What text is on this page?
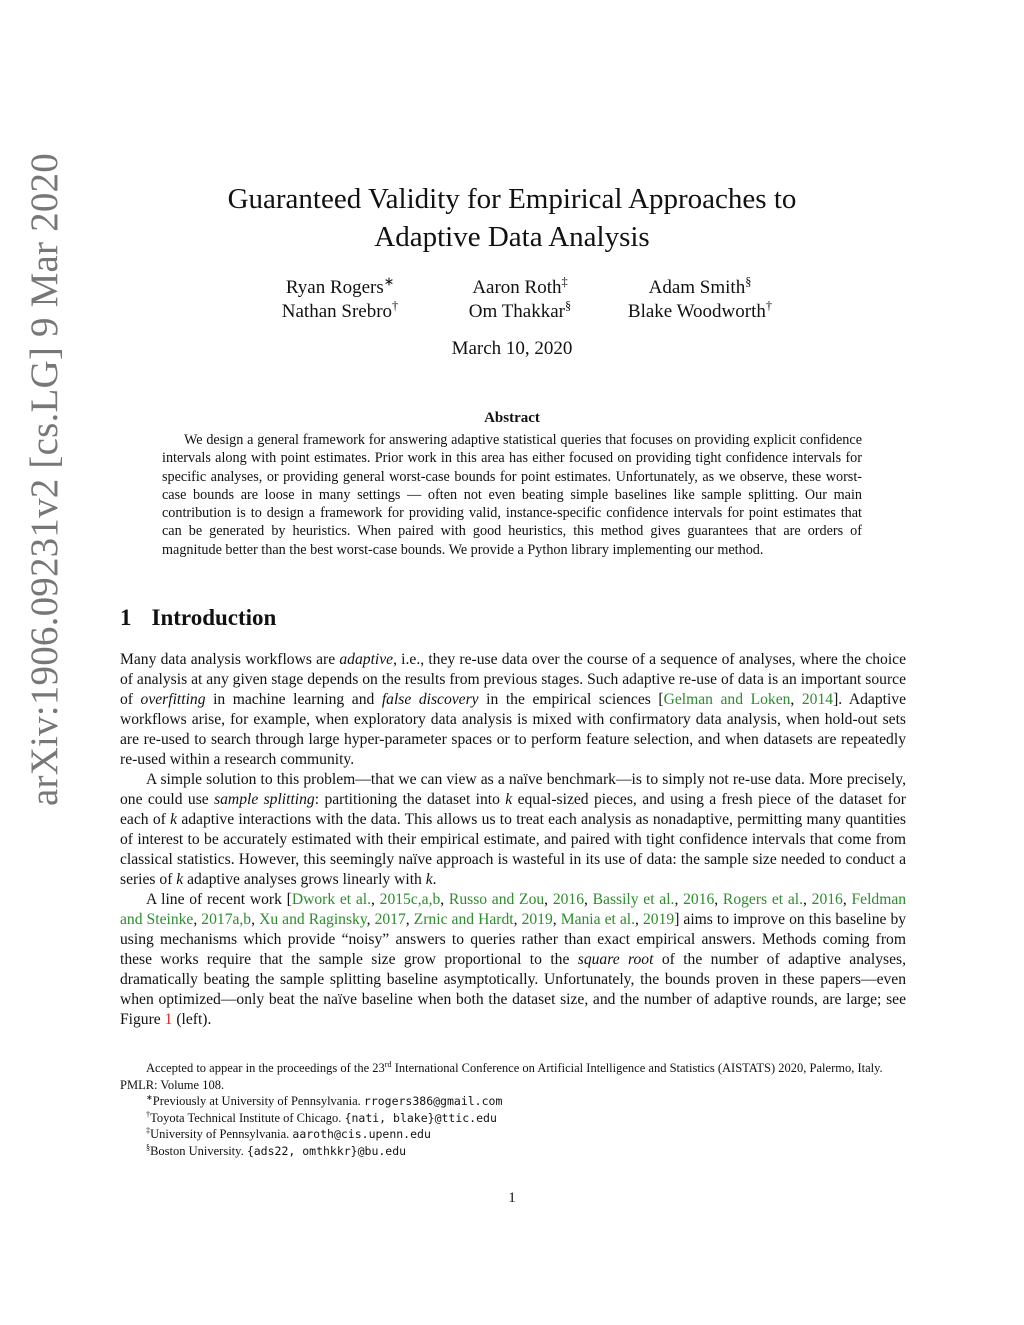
arXiv:1906.09231v2 [cs.LG] 9 Mar 2020	Guaranteed Validity for Empirical Approaches to
Adaptive Data Analysis
Ryan Rogers∗	Aaron Roth‡	Adam Smith§
Nathan Srebro†	Om Thakkar§	Blake Woodworth†
March 10, 2020
Abstract
We design a general framework for answering adaptive statistical queries that focuses on providing explicit confidence intervals along with point estimates. Prior work in this area has either focused on providing tight confidence intervals for specific analyses, or providing general worst-case bounds for point estimates. Unfortunately, as we observe, these worst-case bounds are loose in many settings — often not even beating simple baselines like sample splitting. Our main contribution is to design a framework for providing valid, instance-specific confidence intervals for point estimates that can be generated by heuristics. When paired with good heuristics, this method gives guarantees that are orders of magnitude better than the best worst-case bounds. We provide a Python library implementing our method.
1 Introduction

Many data analysis workflows are adaptive, i.e., they re-use data over the course of a sequence of analyses, where the choice of analysis at any given stage depends on the results from previous stages. Such adaptive re-use of data is an important source of overfitting in machine learning and false discovery in the empirical sciences [Gelman and Loken, 2014]. Adaptive workflows arise, for example, when exploratory data analysis is mixed with confirmatory data analysis, when hold-out sets are re-used to search through large hyper-parameter spaces or to perform feature selection, and when datasets are repeatedly re-used within a research community.

A simple solution to this problem—that we can view as a naïve benchmark—is to simply not re-use data. More precisely, one could use sample splitting: partitioning the dataset into k equal-sized pieces, and using a fresh piece of the dataset for each of k adaptive interactions with the data. This allows us to treat each analysis as nonadaptive, permitting many quantities of interest to be accurately estimated with their empirical estimate, and paired with tight confidence intervals that come from classical statistics. However, this seemingly naïve approach is wasteful in its use of data: the sample size needed to conduct a series of k adaptive analyses grows linearly with k.

A line of recent work [Dwork et al., 2015c,a,b, Russo and Zou, 2016, Bassily et al., 2016, Rogers et al., 2016, Feldman and Steinke, 2017a,b, Xu and Raginsky, 2017, Zrnic and Hardt, 2019, Mania et al., 2019] aims to improve on this baseline by using mechanisms which provide “noisy” answers to queries rather than exact empirical answers. Methods coming from these works require that the sample size grow proportional to the square root of the number of adaptive analyses, dramatically beating the sample splitting baseline asymptotically. Unfortunately, the bounds proven in these papers—even when optimized—only beat the naïve baseline when both the dataset size, and the number of adaptive rounds, are large; see Figure 1 (left).

Accepted to appear in the proceedings of the 23rd International Conference on Artificial Intelligence and Statistics (AISTATS) 2020, Palermo, Italy. PMLR: Volume 108.

∗Previously at University of Pennsylvania. rrogers386@gmail.com

†Toyota Technical Institute of Chicago. {nati, blake}@ttic.edu

‡University of Pennsylvania. aaroth@cis.upenn.edu

§Boston University. {ads22, omthkkr}@bu.edu

1
